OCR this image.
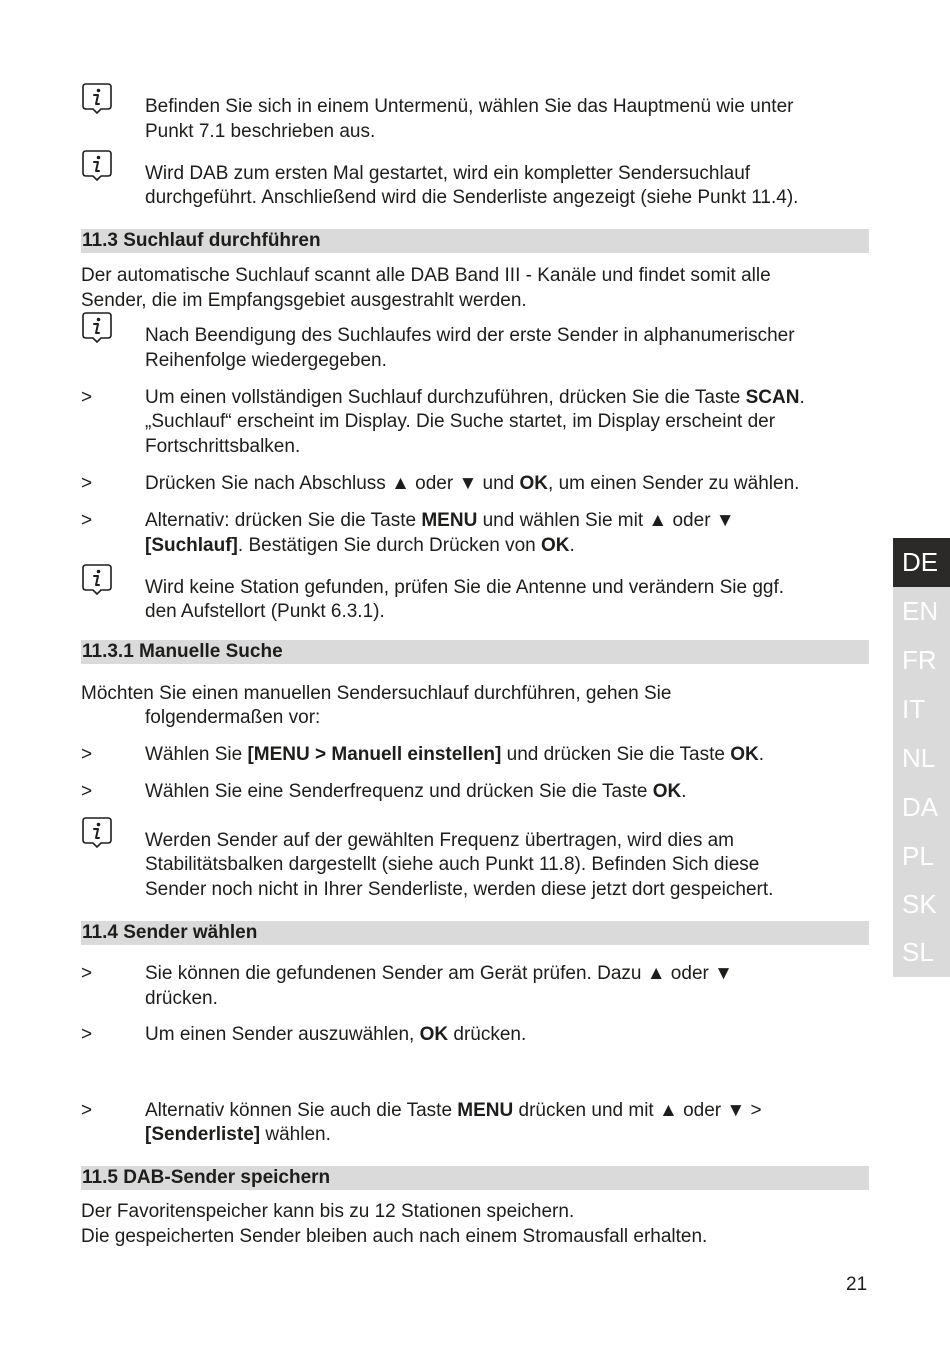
Befinden Sie sich in einem Untermenü, wählen Sie das Hauptmenü wie unter
Punkt 7.1 beschrieben aus.
Wird DAB zum ersten Mal gestartet, wird ein kompletter Sendersuchlauf
durchgeführt. Anschließend wird die Senderliste angezeigt (siehe Punkt 11.4).
11.3 Suchlauf durchführen
Der automatische Suchlauf scannt alle DAB Band III - Kanäle und findet somit alle
Sender, die im Empfangsgebiet ausgestrahlt werden.
Nach Beendigung des Suchlaufes wird der erste Sender in alphanumerischer
Reihenfolge wiedergegeben.
>	Um einen vollständigen Suchlauf durchzuführen, drücken Sie die Taste SCAN.
„Suchlauf“ erscheint im Display. Die Suche startet, im Display erscheint der
Fortschrittsbalken.
>	Drücken Sie nach Abschluss ▲ oder ▼ und OK, um einen Sender zu wählen.
>	Alternativ: drücken Sie die Taste MENU und wählen Sie mit ▲ oder ▼
[Suchlauf]. Bestätigen Sie durch Drücken von OK.
Wird keine Station gefunden, prüfen Sie die Antenne und verändern Sie ggf.
den Aufstellort (Punkt 6.3.1).
11.3.1 Manuelle Suche
Möchten Sie einen manuellen Sendersuchlauf durchführen, gehen Sie
folgendermaßen vor:
>	Wählen Sie [MENU > Manuell einstellen] und drücken Sie die Taste OK.
>	Wählen Sie eine Senderfrequenz und drücken Sie die Taste OK.
Werden Sender auf der gewählten Frequenz übertragen, wird dies am
Stabilitätsbalken dargestellt (siehe auch Punkt 11.8). Befinden Sich diese
Sender noch nicht in Ihrer Senderliste, werden diese jetzt dort gespeichert.
11.4 Sender wählen
>	Sie können die gefundenen Sender am Gerät prüfen. Dazu ▲ oder ▼
drücken.
>	Um einen Sender auszuwählen, OK drücken.
>	Alternativ können Sie auch die Taste MENU drücken und mit ▲ oder ▼ >
[Senderliste] wählen.
11.5 DAB-Sender speichern
Der Favoritenspeicher kann bis zu 12 Stationen speichern.
Die gespeicherten Sender bleiben auch nach einem Stromausfall erhalten.
DE
EN
FR
IT
NL
DA
PL
SK
SL
21
